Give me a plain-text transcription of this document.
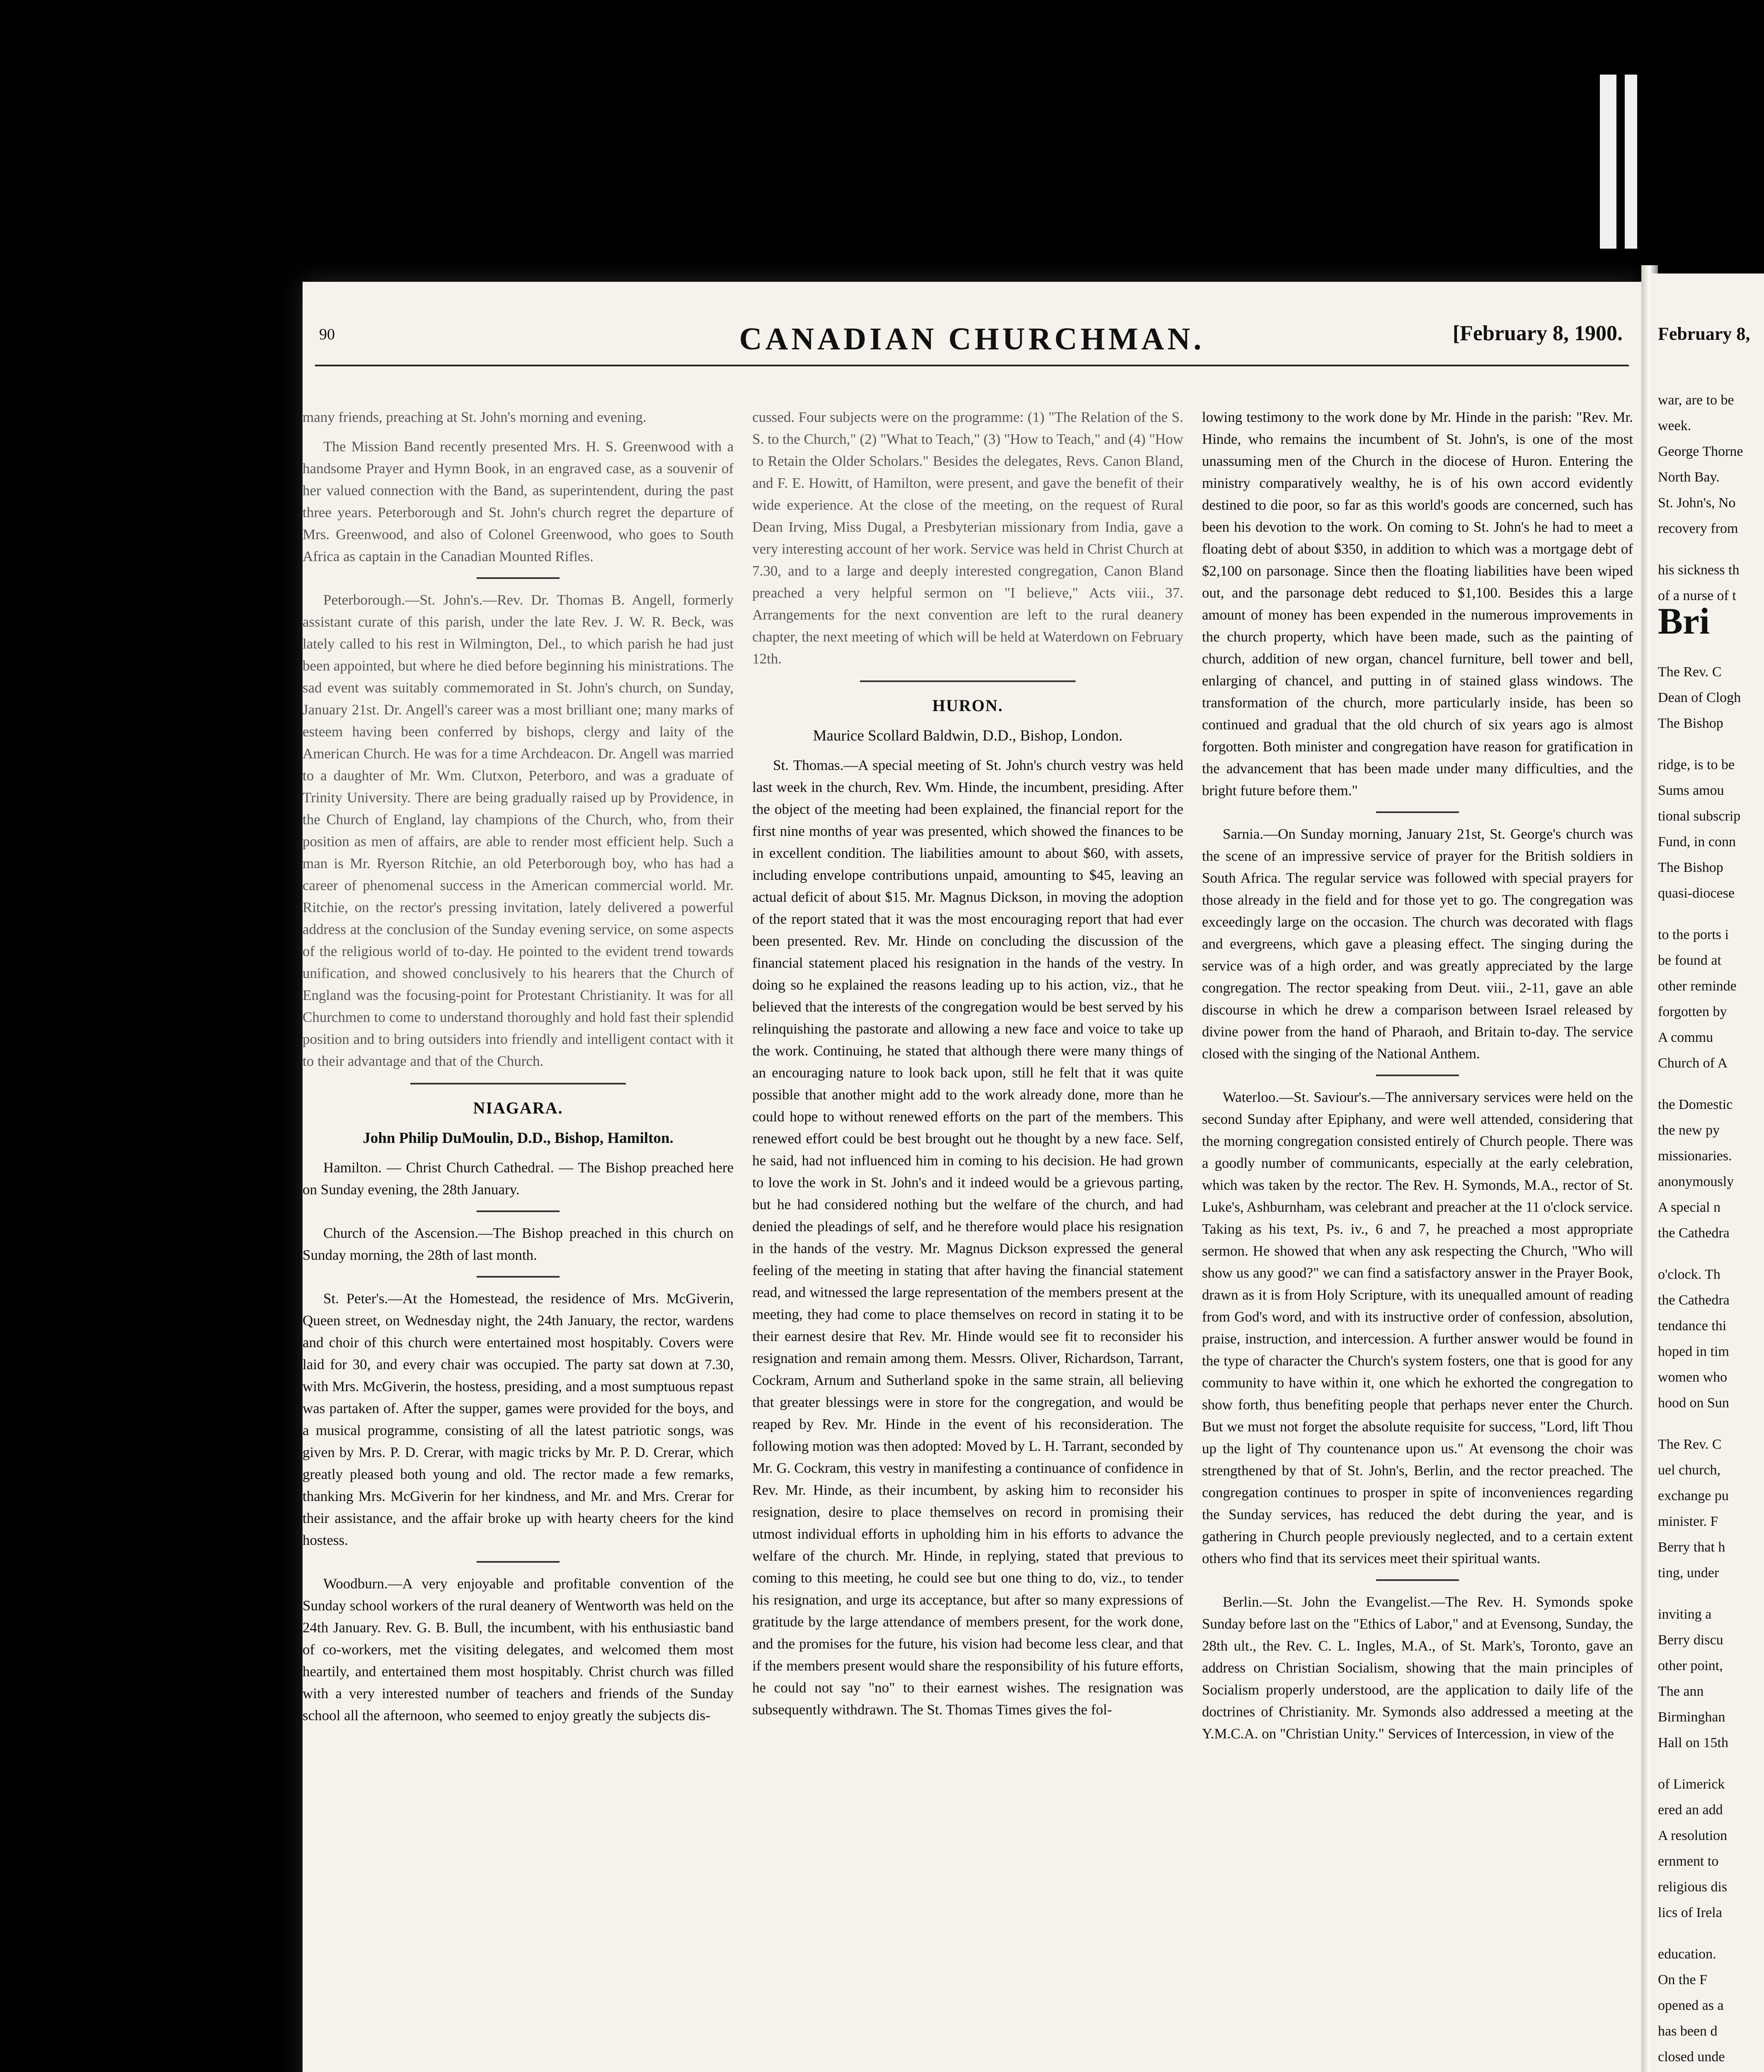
90	CANADIAN CHURCHMAN.	[February 8, 1900.

many friends, preaching at St. John's morning and evening.

The Mission Band recently presented Mrs. H. S. Greenwood with a handsome Prayer and Hymn Book, in an engraved case, as a souvenir of her valued connection with the Band, as superintendent, during the past three years. Peterborough and St. John's church regret the departure of Mrs. Greenwood, and also of Colonel Greenwood, who goes to South Africa as captain in the Canadian Mounted Rifles.

Peterborough.—St. John's.—Rev. Dr. Thomas B. Angell, formerly assistant curate of this parish, under the late Rev. J. W. R. Beck, was lately called to his rest in Wilmington, Del., to which parish he had just been appointed, but where he died before beginning his ministrations. The sad event was suitably commemorated in St. John's church, on Sunday, January 21st. Dr. Angell's career was a most brilliant one; many marks of esteem having been conferred by bishops, clergy and laity of the American Church. He was for a time Archdeacon. Dr. Angell was married to a daughter of Mr. Wm. Clutxon, Peterboro, and was a graduate of Trinity University. There are being gradually raised up by Providence, in the Church of England, lay champions of the Church, who, from their position as men of affairs, are able to render most efficient help. Such a man is Mr. Ryerson Ritchie, an old Peterborough boy, who has had a career of phenomenal success in the American commercial world. Mr. Ritchie, on the rector's pressing invitation, lately delivered a powerful address at the conclusion of the Sunday evening service, on some aspects of the religious world of to-day. He pointed to the evident trend towards unification, and showed conclusively to his hearers that the Church of England was the focusing-point for Protestant Christianity. It was for all Churchmen to come to understand thoroughly and hold fast their splendid position and to bring outsiders into friendly and intelligent contact with it to their advantage and that of the Church.

NIAGARA.
John Philip DuMoulin, D.D., Bishop, Hamilton.

Hamilton. — Christ Church Cathedral. — The Bishop preached here on Sunday evening, the 28th January.

Church of the Ascension.—The Bishop preached in this church on Sunday morning, the 28th of last month.

St. Peter's.—At the Homestead, the residence of Mrs. McGiverin, Queen street, on Wednesday night, the 24th January, the rector, wardens and choir of this church were entertained most hospitably. Covers were laid for 30, and every chair was occupied. The party sat down at 7.30, with Mrs. McGiverin, the hostess, presiding, and a most sumptuous repast was partaken of. After the supper, games were provided for the boys, and a musical programme, consisting of all the latest patriotic songs, was given by Mrs. P. D. Crerar, with magic tricks by Mr. P. D. Crerar, which greatly pleased both young and old. The rector made a few remarks, thanking Mrs. McGiverin for her kindness, and Mr. and Mrs. Crerar for their assistance, and the affair broke up with hearty cheers for the kind hostess.

Woodburn.—A very enjoyable and profitable convention of the Sunday school workers of the rural deanery of Wentworth was held on the 24th January. Rev. G. B. Bull, the incumbent, with his enthusiastic band of co-workers, met the visiting delegates, and welcomed them most heartily, and entertained them most hospitably. Christ church was filled with a very interested number of teachers and friends of the Sunday school all the afternoon, who seemed to enjoy greatly the subjects dis-

cussed. Four subjects were on the programme: (1) "The Relation of the S. S. to the Church," (2) "What to Teach," (3) "How to Teach," and (4) "How to Retain the Older Scholars." Besides the delegates, Revs. Canon Bland, and F. E. Howitt, of Hamilton, were present, and gave the benefit of their wide experience. At the close of the meeting, on the request of Rural Dean Irving, Miss Dugal, a Presbyterian missionary from India, gave a very interesting account of her work. Service was held in Christ Church at 7.30, and to a large and deeply interested congregation, Canon Bland preached a very helpful sermon on "I believe," Acts viii., 37. Arrangements for the next convention are left to the rural deanery chapter, the next meeting of which will be held at Waterdown on February 12th.

HURON.
Maurice Scollard Baldwin, D.D., Bishop, London.

St. Thomas.—A special meeting of St. John's church vestry was held last week in the church, Rev. Wm. Hinde, the incumbent, presiding. After the object of the meeting had been explained, the financial report for the first nine months of year was presented, which showed the finances to be in excellent condition. The liabilities amount to about $60, with assets, including envelope contributions unpaid, amounting to $45, leaving an actual deficit of about $15. Mr. Magnus Dickson, in moving the adoption of the report stated that it was the most encouraging report that had ever been presented. Rev. Mr. Hinde on concluding the discussion of the financial statement placed his resignation in the hands of the vestry. In doing so he explained the reasons leading up to his action, viz., that he believed that the interests of the congregation would be best served by his relinquishing the pastorate and allowing a new face and voice to take up the work. Continuing, he stated that although there were many things of an encouraging nature to look back upon, still he felt that it was quite possible that another might add to the work already done, more than he could hope to without renewed efforts on the part of the members. This renewed effort could be best brought out he thought by a new face. Self, he said, had not influenced him in coming to his decision. He had grown to love the work in St. John's and it indeed would be a grievous parting, but he had considered nothing but the welfare of the church, and had denied the pleadings of self, and he therefore would place his resignation in the hands of the vestry. Mr. Magnus Dickson expressed the general feeling of the meeting in stating that after having the financial statement read, and witnessed the large representation of the members present at the meeting, they had come to place themselves on record in stating it to be their earnest desire that Rev. Mr. Hinde would see fit to reconsider his resignation and remain among them. Messrs. Oliver, Richardson, Tarrant, Cockram, Arnum and Sutherland spoke in the same strain, all believing that greater blessings were in store for the congregation, and would be reaped by Rev. Mr. Hinde in the event of his reconsideration. The following motion was then adopted: Moved by L. H. Tarrant, seconded by Mr. G. Cockram, this vestry in manifesting a continuance of confidence in Rev. Mr. Hinde, as their incumbent, by asking him to reconsider his resignation, desire to place themselves on record in promising their utmost individual efforts in upholding him in his efforts to advance the welfare of the church. Mr. Hinde, in replying, stated that previous to coming to this meeting, he could see but one thing to do, viz., to tender his resignation, and urge its acceptance, but after so many expressions of gratitude by the large attendance of members present, for the work done, and the promises for the future, his vision had become less clear, and that if the members present would share the responsibility of his future efforts, he could not say "no" to their earnest wishes. The resignation was subsequently withdrawn. The St. Thomas Times gives the fol-

lowing testimony to the work done by Mr. Hinde in the parish: "Rev. Mr. Hinde, who remains the incumbent of St. John's, is one of the most unassuming men of the Church in the diocese of Huron. Entering the ministry comparatively wealthy, he is of his own accord evidently destined to die poor, so far as this world's goods are concerned, such has been his devotion to the work. On coming to St. John's he had to meet a floating debt of about $350, in addition to which was a mortgage debt of $2,100 on parsonage. Since then the floating liabilities have been wiped out, and the parsonage debt reduced to $1,100. Besides this a large amount of money has been expended in the numerous improvements in the church property, which have been made, such as the painting of church, addition of new organ, chancel furniture, bell tower and bell, enlarging of chancel, and putting in of stained glass windows. The transformation of the church, more particularly inside, has been so continued and gradual that the old church of six years ago is almost forgotten. Both minister and congregation have reason for gratification in the advancement that has been made under many difficulties, and the bright future before them."

Sarnia.—On Sunday morning, January 21st, St. George's church was the scene of an impressive service of prayer for the British soldiers in South Africa. The regular service was followed with special prayers for those already in the field and for those yet to go. The congregation was exceedingly large on the occasion. The church was decorated with flags and evergreens, which gave a pleasing effect. The singing during the service was of a high order, and was greatly appreciated by the large congregation. The rector speaking from Deut. viii., 2-11, gave an able discourse in which he drew a comparison between Israel released by divine power from the hand of Pharaoh, and Britain to-day. The service closed with the singing of the National Anthem.

Waterloo.—St. Saviour's.—The anniversary services were held on the second Sunday after Epiphany, and were well attended, considering that the morning congregation consisted entirely of Church people. There was a goodly number of communicants, especially at the early celebration, which was taken by the rector. The Rev. H. Symonds, M.A., rector of St. Luke's, Ashburnham, was celebrant and preacher at the 11 o'clock service. Taking as his text, Ps. iv., 6 and 7, he preached a most appropriate sermon. He showed that when any ask respecting the Church, "Who will show us any good?" we can find a satisfactory answer in the Prayer Book, drawn as it is from Holy Scripture, with its unequalled amount of reading from God's word, and with its instructive order of confession, absolution, praise, instruction, and intercession. A further answer would be found in the type of character the Church's system fosters, one that is good for any community to have within it, one which he exhorted the congregation to show forth, thus benefiting people that perhaps never enter the Church. But we must not forget the absolute requisite for success, "Lord, lift Thou up the light of Thy countenance upon us." At evensong the choir was strengthened by that of St. John's, Berlin, and the rector preached. The congregation continues to prosper in spite of inconveniences regarding the Sunday services, has reduced the debt during the year, and is gathering in Church people previously neglected, and to a certain extent others who find that its services meet their spiritual wants.

Berlin.—St. John the Evangelist.—The Rev. H. Symonds spoke Sunday before last on the "Ethics of Labor," and at Evensong, Sunday, the 28th ult., the Rev. C. L. Ingles, M.A., of St. Mark's, Toronto, gave an address on Christian Socialism, showing that the main principles of Socialism properly understood, are the application to daily life of the doctrines of Christianity. Mr. Symonds also addressed a meeting at the Y.M.C.A. on "Christian Unity." Services of Intercession, in view of the

February 8,
war, are to be
week.
George Thorne
North Bay.
St. John's, No
recovery from
his sickness th
of a nurse of t
Bri
The Rev. C
Dean of Clogh
The Bishop
ridge, is to be
Sums amou
tional subscrip
Fund, in conn
The Bishop
quasi-diocese
to the ports i
be found at
other reminde
forgotten by
A commu
Church of A
the Domestic
the new py
missionaries.
anonymously
A special n
the Cathedra
o'clock. Th
the Cathedra
tendance thi
hoped in tim
women who
hood on Sun
The Rev. C
uel church,
exchange pu
minister. F
Berry that h
ting, under
inviting a
Berry discu
other point,
The ann
Birminghan
Hall on 15th
of Limerick
ered an add
A resolution
ernment to
religious dis
lics of Irela
education.
On the F
opened as a
has been d
closed unde
